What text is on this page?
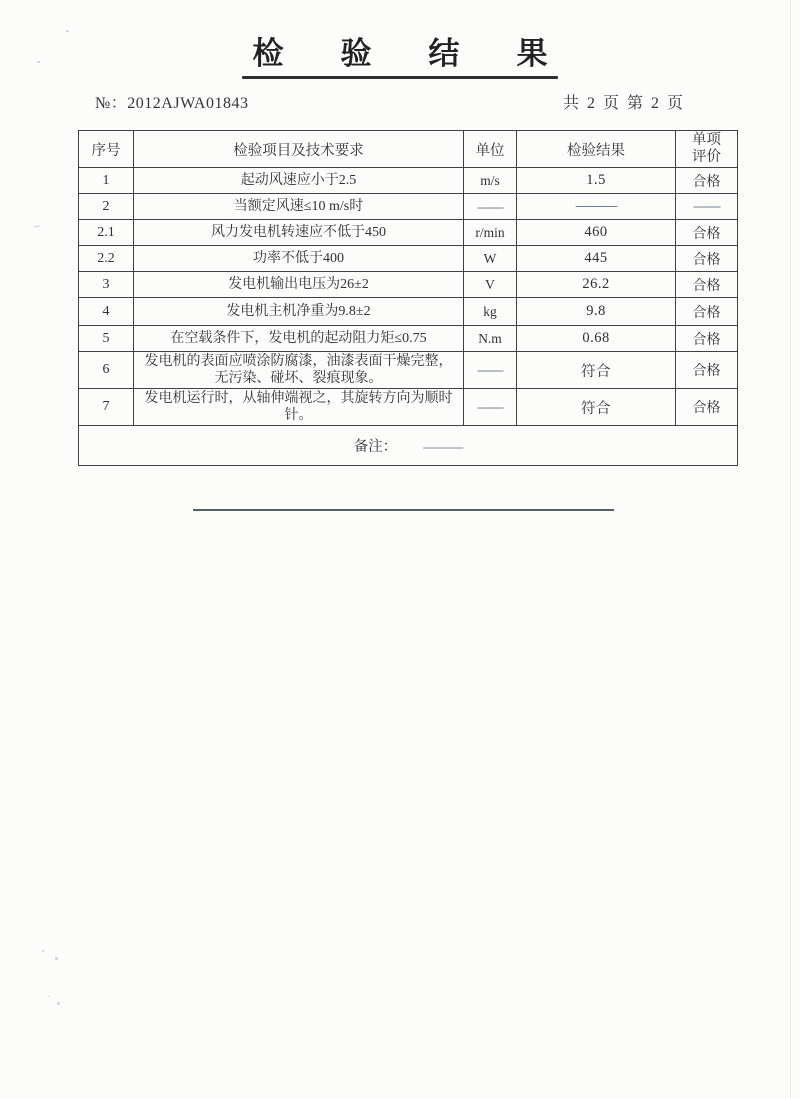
~
检验结果
№：2012AJWA01843	共 2 页 第 2 页
序号	检验项目及技术要求	单位	检验结果	单项评价
1	起动风速应小于2.5	m/s	1.5	合格
2	当额定风速≤10 m/s时	——	———	——
2.1	风力发电机转速应不低于450	r/min	460	合格
2.2	功率不低于400	W	445	合格
3	发电机输出电压为26±2	V	26.2	合格
4	发电机主机净重为9.8±2	kg	9.8	合格
5	在空载条件下，发电机的起动阻力矩≤0.75	N.m	0.68	合格
6	发电机的表面应喷涂防腐漆，油漆表面干燥完整，无污染、碰坏、裂痕现象。	——	符合	合格
7	发电机运行时，从轴伸端视之，其旋转方向为顺时针。	——	符合	合格
备注： ———				
